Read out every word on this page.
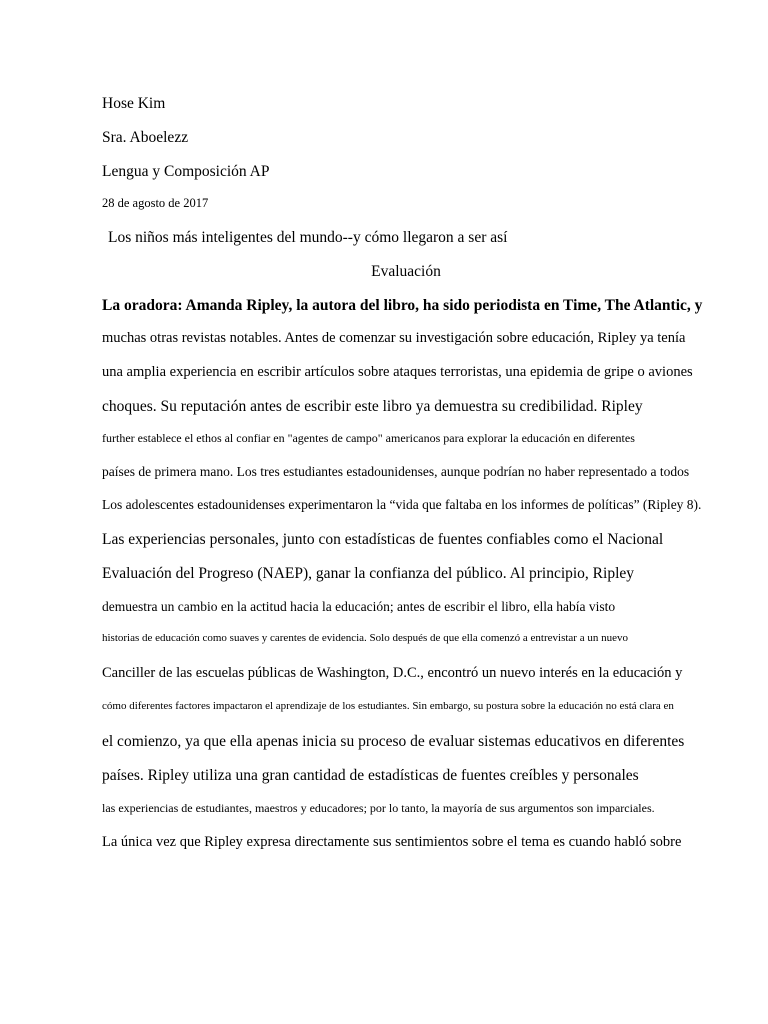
Hose Kim
Sra. Aboelezz
Lengua y Composición AP
28 de agosto de 2017
Los niños más inteligentes del mundo--y cómo llegaron a ser así
Evaluación
La oradora: Amanda Ripley, la autora del libro, ha sido periodista en Time, The Atlantic, y
muchas otras revistas notables. Antes de comenzar su investigación sobre educación, Ripley ya tenía
una amplia experiencia en escribir artículos sobre ataques terroristas, una epidemia de gripe o aviones
choques. Su reputación antes de escribir este libro ya demuestra su credibilidad. Ripley
further establece el ethos al confiar en "agentes de campo" americanos para explorar la educación en diferentes
países de primera mano. Los tres estudiantes estadounidenses, aunque podrían no haber representado a todos
Los adolescentes estadounidenses experimentaron la “vida que faltaba en los informes de políticas” (Ripley 8).
Las experiencias personales, junto con estadísticas de fuentes confiables como el Nacional
Evaluación del Progreso (NAEP), ganar la confianza del público. Al principio, Ripley
demuestra un cambio en la actitud hacia la educación; antes de escribir el libro, ella había visto
historias de educación como suaves y carentes de evidencia. Solo después de que ella comenzó a entrevistar a un nuevo
Canciller de las escuelas públicas de Washington, D.C., encontró un nuevo interés en la educación y
cómo diferentes factores impactaron el aprendizaje de los estudiantes. Sin embargo, su postura sobre la educación no está clara en
el comienzo, ya que ella apenas inicia su proceso de evaluar sistemas educativos en diferentes
países. Ripley utiliza una gran cantidad de estadísticas de fuentes creíbles y personales
las experiencias de estudiantes, maestros y educadores; por lo tanto, la mayoría de sus argumentos son imparciales.
La única vez que Ripley expresa directamente sus sentimientos sobre el tema es cuando habló sobre
